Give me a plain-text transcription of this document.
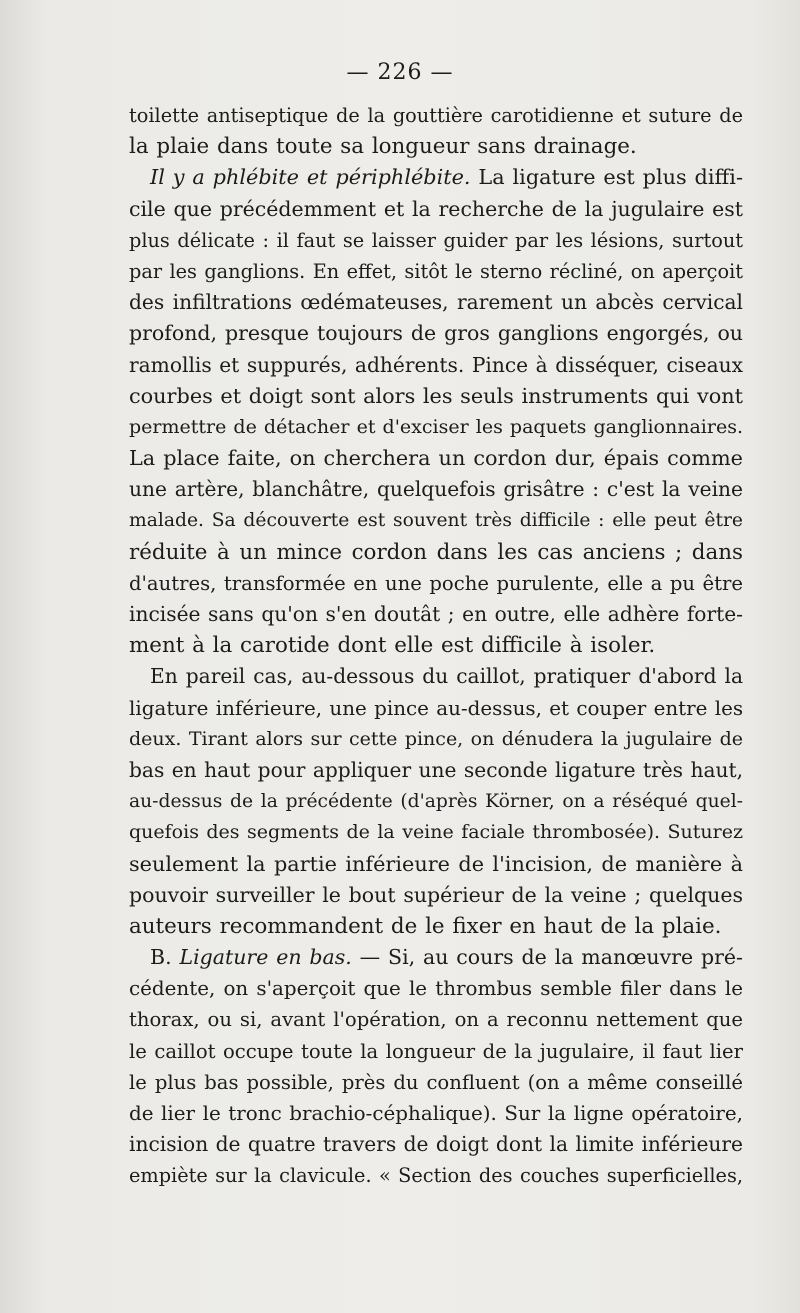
— 226 —
toilette antiseptique de la gouttière carotidienne et suture de
la plaie dans toute sa longueur sans drainage.
Il y a phlébite et périphlébite. La ligature est plus diffi-
cile que précédemment et la recherche de la jugulaire est
plus délicate : il faut se laisser guider par les lésions, surtout
par les ganglions. En effet, sitôt le sterno récliné, on aperçoit
des infiltrations œdémateuses, rarement un abcès cervical
profond, presque toujours de gros ganglions engorgés, ou
ramollis et suppurés, adhérents. Pince à disséquer, ciseaux
courbes et doigt sont alors les seuls instruments qui vont
permettre de détacher et d'exciser les paquets ganglionnaires.
La place faite, on cherchera un cordon dur, épais comme
une artère, blanchâtre, quelquefois grisâtre : c'est la veine
malade. Sa découverte est souvent très difficile : elle peut être
réduite à un mince cordon dans les cas anciens ; dans
d'autres, transformée en une poche purulente, elle a pu être
incisée sans qu'on s'en doutât ; en outre, elle adhère forte-
ment à la carotide dont elle est difficile à isoler.
En pareil cas, au-dessous du caillot, pratiquer d'abord la
ligature inférieure, une pince au-dessus, et couper entre les
deux. Tirant alors sur cette pince, on dénudera la jugulaire de
bas en haut pour appliquer une seconde ligature très haut,
au-dessus de la précédente (d'après Körner, on a réséqué quel-
quefois des segments de la veine faciale thrombosée). Suturez
seulement la partie inférieure de l'incision, de manière à
pouvoir surveiller le bout supérieur de la veine ; quelques
auteurs recommandent de le fixer en haut de la plaie.
B. Ligature en bas. — Si, au cours de la manœuvre pré-
cédente, on s'aperçoit que le thrombus semble filer dans le
thorax, ou si, avant l'opération, on a reconnu nettement que
le caillot occupe toute la longueur de la jugulaire, il faut lier
le plus bas possible, près du confluent (on a même conseillé
de lier le tronc brachio-céphalique). Sur la ligne opératoire,
incision de quatre travers de doigt dont la limite inférieure
empiète sur la clavicule. « Section des couches superficielles,
